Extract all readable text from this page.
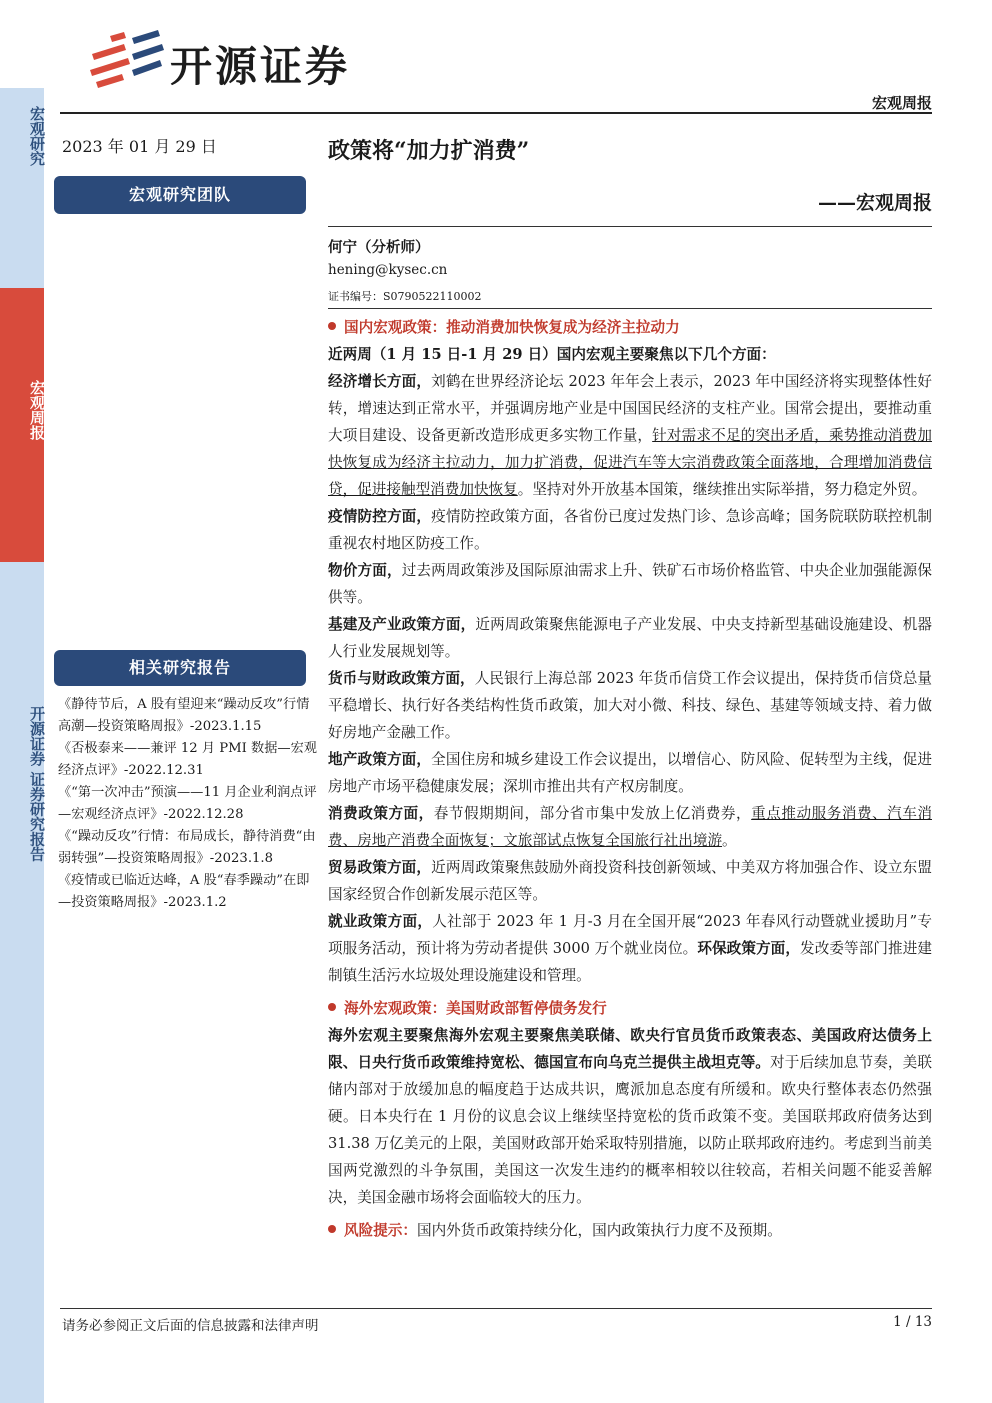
宏观研究
宏观周报
开源证券 证券研究报告
开源证券
宏观周报
2023 年 01 月 29 日
宏观研究团队
相关研究报告
《静待节后，A 股有望迎来“躁动反攻”行情高潮—投资策略周报》-2023.1.15
《否极泰来——兼评 12 月 PMI 数据—宏观经济点评》-2022.12.31
《“第一次冲击”预演——11 月企业利润点评—宏观经济点评》-2022.12.28
《“躁动反攻”行情：布局成长，静待消费“由弱转强”—投资策略周报》-2023.1.8
《疫情或已临近达峰，A 股“春季躁动”在即—投资策略周报》-2023.1.2
政策将“加力扩消费”
——宏观周报
何宁（分析师）
hening@kysec.cn
证书编号：S0790522110002

国内宏观政策：推动消费加快恢复成为经济主拉动力

近两周（1 月 15 日-1 月 29 日）国内宏观主要聚焦以下几个方面：

经济增长方面，刘鹤在世界经济论坛 2023 年年会上表示，2023 年中国经济将实现整体性好转，增速达到正常水平，并强调房地产业是中国国民经济的支柱产业。国常会提出，要推动重大项目建设、设备更新改造形成更多实物工作量，针对需求不足的突出矛盾，乘势推动消费加快恢复成为经济主拉动力，加力扩消费，促进汽车等大宗消费政策全面落地，合理增加消费信贷，促进接触型消费加快恢复。坚持对外开放基本国策，继续推出实际举措，努力稳定外贸。

疫情防控方面，疫情防控政策方面，各省份已度过发热门诊、急诊高峰；国务院联防联控机制重视农村地区防疫工作。

物价方面，过去两周政策涉及国际原油需求上升、铁矿石市场价格监管、中央企业加强能源保供等。

基建及产业政策方面，近两周政策聚焦能源电子产业发展、中央支持新型基础设施建设、机器人行业发展规划等。

货币与财政政策方面，人民银行上海总部 2023 年货币信贷工作会议提出，保持货币信贷总量平稳增长、执行好各类结构性货币政策，加大对小微、科技、绿色、基建等领域支持、着力做好房地产金融工作。

地产政策方面，全国住房和城乡建设工作会议提出，以增信心、防风险、促转型为主线，促进房地产市场平稳健康发展；深圳市推出共有产权房制度。

消费政策方面，春节假期期间，部分省市集中发放上亿消费券，重点推动服务消费、汽车消费、房地产消费全面恢复；文旅部试点恢复全国旅行社出境游。

贸易政策方面，近两周政策聚焦鼓励外商投资科技创新领域、中美双方将加强合作、设立东盟国家经贸合作创新发展示范区等。

就业政策方面，人社部于 2023 年 1 月-3 月在全国开展“2023 年春风行动暨就业援助月”专项服务活动，预计将为劳动者提供 3000 万个就业岗位。环保政策方面，发改委等部门推进建制镇生活污水垃圾处理设施建设和管理。

海外宏观政策：美国财政部暂停债务发行

海外宏观主要聚焦海外宏观主要聚焦美联储、欧央行官员货币政策表态、美国政府达债务上限、日央行货币政策维持宽松、德国宣布向乌克兰提供主战坦克等。对于后续加息节奏，美联储内部对于放缓加息的幅度趋于达成共识，鹰派加息态度有所缓和。欧央行整体表态仍然强硬。日本央行在 1 月份的议息会议上继续坚持宽松的货币政策不变。美国联邦政府债务达到 31.38 万亿美元的上限，美国财政部开始采取特别措施，以防止联邦政府违约。考虑到当前美国两党激烈的斗争氛围，美国这一次发生违约的概率相较以往较高，若相关问题不能妥善解决，美国金融市场将会面临较大的压力。

风险提示：国内外货币政策持续分化，国内政策执行力度不及预期。

请务必参阅正文后面的信息披露和法律声明	1 / 13
